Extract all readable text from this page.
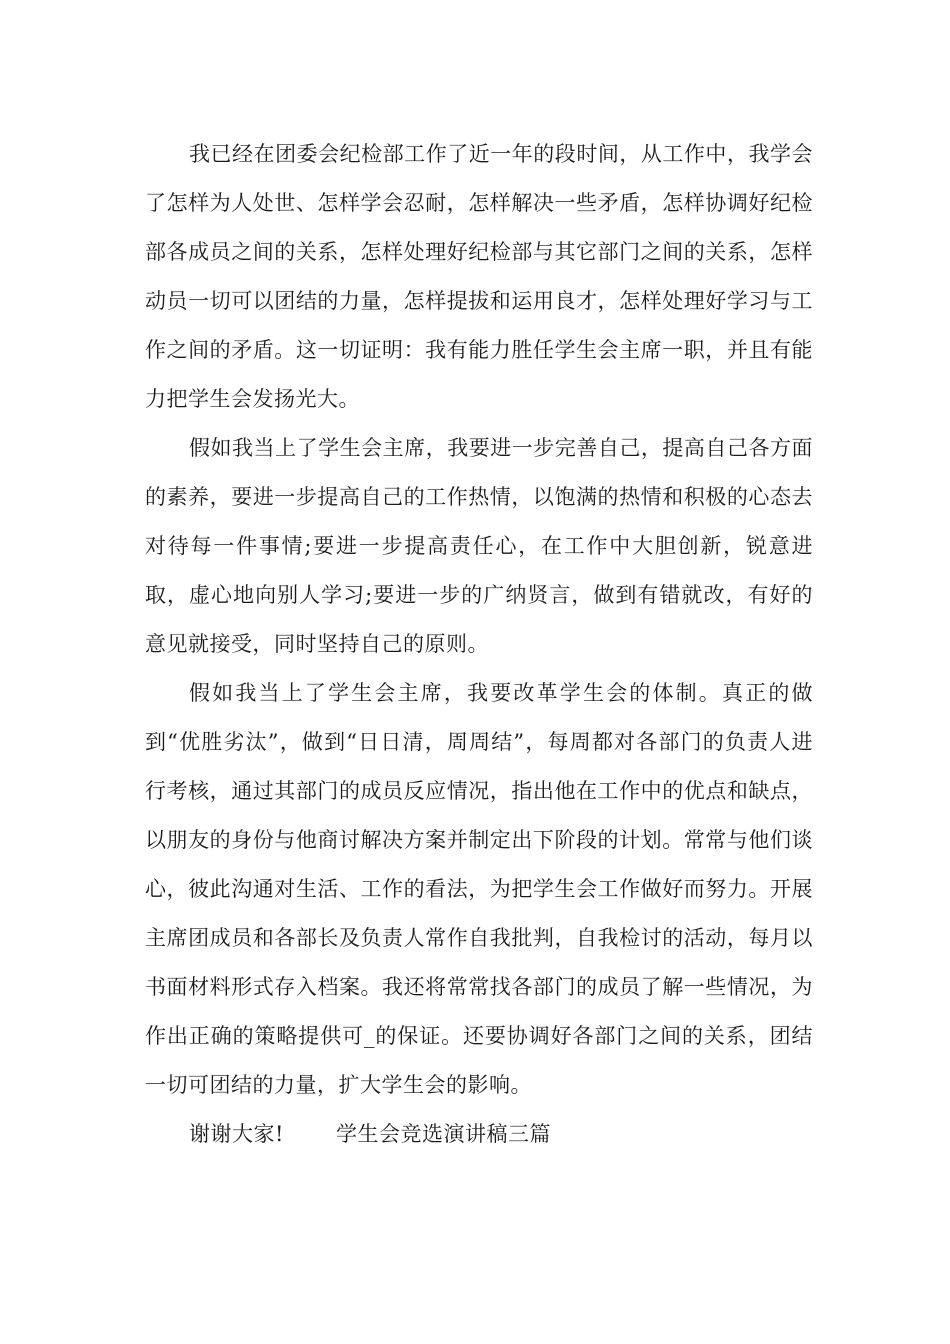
我已经在团委会纪检部工作了近一年的段时间，从工作中，我学会了怎样为人处世、怎样学会忍耐，怎样解决一些矛盾，怎样协调好纪检部各成员之间的关系，怎样处理好纪检部与其它部门之间的关系，怎样动员一切可以团结的力量，怎样提拔和运用良才，怎样处理好学习与工作之间的矛盾。这一切证明：我有能力胜任学生会主席一职，并且有能力把学生会发扬光大。

假如我当上了学生会主席，我要进一步完善自己，提高自己各方面的素养，要进一步提高自己的工作热情，以饱满的热情和积极的心态去对待每一件事情;要进一步提高责任心，在工作中大胆创新，锐意进取，虚心地向别人学习;要进一步的广纳贤言，做到有错就改，有好的意见就接受，同时坚持自己的原则。

假如我当上了学生会主席，我要改革学生会的体制。真正的做到“优胜劣汰”，做到“日日清，周周结”，每周都对各部门的负责人进行考核，通过其部门的成员反应情况，指出他在工作中的优点和缺点，以朋友的身份与他商讨解决方案并制定出下阶段的计划。常常与他们谈心，彼此沟通对生活、工作的看法，为把学生会工作做好而努力。开展主席团成员和各部长及负责人常作自我批判，自我检讨的活动，每月以书面材料形式存入档案。我还将常常找各部门的成员了解一些情况，为作出正确的策略提供可_的保证。还要协调好各部门之间的关系，团结一切可团结的力量，扩大学生会的影响。

谢谢大家! 学生会竞选演讲稿三篇
